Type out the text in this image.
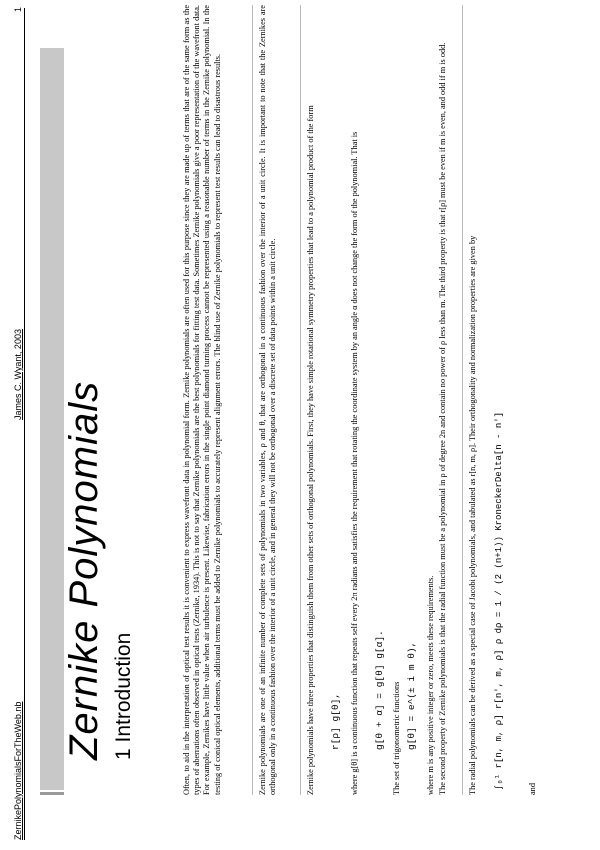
ZernikePolynomialsForTheWeb.nb
James C. Wyant, 2003
1
Zernike Polynomials 1 Introduction	Often, to aid in the interpretation of optical test results it is convenient to express wavefront data in polynomial form. Zernike polynomials are often used for this purpose since they are made up of terms that are of the same form as the types of aberrations often observed in optical tests (Zernike, 1934). This is not to say that Zernike polynomials are the best polynomials for fitting test data. Sometimes Zernike polynomials give a poor representation of the wavefront data. For example, Zernikes have little value when air turbulence is present. Likewise, fabrication errors in the single point diamond turning process cannot be represented using a reasonable number of terms in the Zernike polynomial. In the testing of conical optical elements, additional terms must be added to Zernike polynomials to accurately represent alignment errors. The blind use of Zernike polynomials to represent test results can lead to disastrous results.	Zernike polynomials are one of an infinite number of complete sets of polynomials in two variables, ρ and θ, that are orthogonal in a continuous fashion over the interior of a unit circle. It is important to note that the Zernikes are orthogonal only in a continuous fashion over the interior of a unit circle, and in general they will not be orthogonal over a discrete set of data points within a unit circle.	Zernike polynomials have three properties that distinguish them from other sets of orthogonal polynomials. First, they have simple rotational symmetry properties that lead to a polynomial product of the form r[ρ] g[θ], where g[θ] is a continuous function that repeats self every 2π radians and satisfies the requirement that rotating the coordinate system by an angle α does not change the form of the polynomial. That is g[θ + α] = g[θ] g[α]. The set of trigonometric functions g[θ] = e^(± i m θ), where m is any positive integer or zero, meets these requirements. The second property of Zernike polynomials is that the radial function must be a polynomial in ρ of degree 2n and contain no power of ρ less than m. The third property is that r[ρ] must be even if m is even, and odd if m is odd.	The radial polynomials can be derived as a special case of Jacobi polynomials, and tabulated as r[n, m, ρ]. Their orthogonality and normalization properties are given by ∫₀¹ r[n, m, ρ] r[n', m, ρ] ρ dρ = 1 / (2 (n+1)) KroneckerDelta[n - n']	and
